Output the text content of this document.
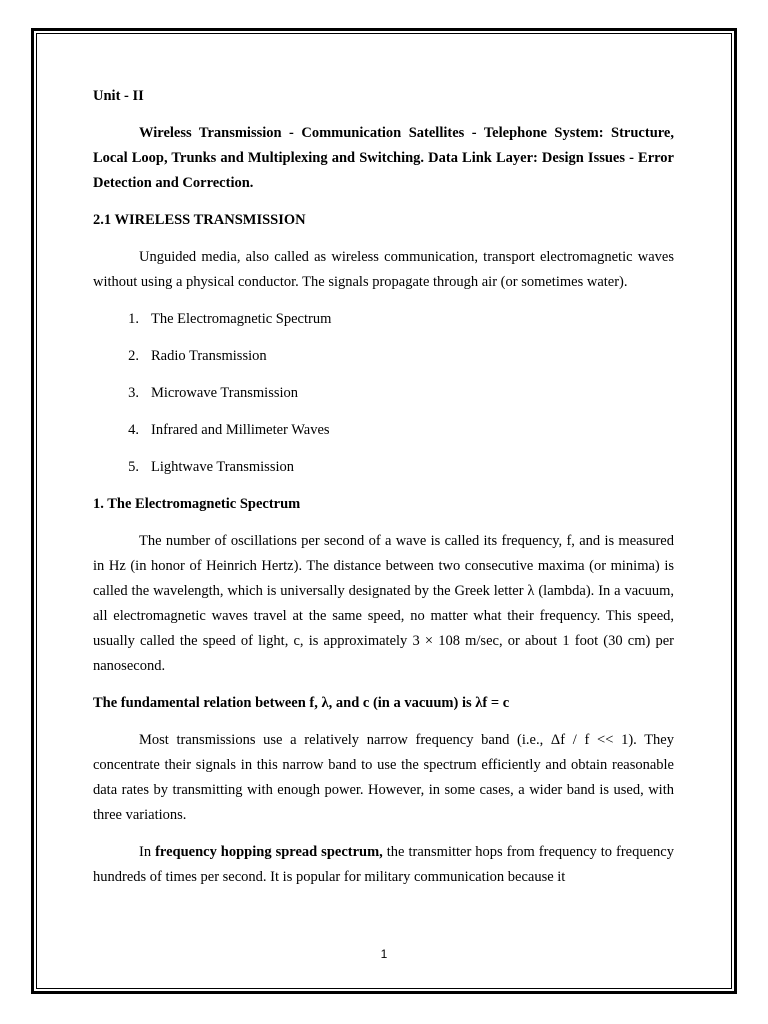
Unit - II

Wireless Transmission - Communication Satellites - Telephone System: Structure, Local Loop, Trunks and Multiplexing and Switching. Data Link Layer: Design Issues - Error Detection and Correction.

2.1 WIRELESS TRANSMISSION

Unguided media, also called as wireless communication, transport electromagnetic waves without using a physical conductor. The signals propagate through air (or sometimes water).

1. The Electromagnetic Spectrum
2. Radio Transmission
3. Microwave Transmission
4. Infrared and Millimeter Waves
5. Lightwave Transmission

1. The Electromagnetic Spectrum

The number of oscillations per second of a wave is called its frequency, f, and is measured in Hz (in honor of Heinrich Hertz). The distance between two consecutive maxima (or minima) is called the wavelength, which is universally designated by the Greek letter λ (lambda). In a vacuum, all electromagnetic waves travel at the same speed, no matter what their frequency. This speed, usually called the speed of light, c, is approximately 3 × 108 m/sec, or about 1 foot (30 cm) per nanosecond.

The fundamental relation between f, λ, and c (in a vacuum) is λf = c

Most transmissions use a relatively narrow frequency band (i.e., Δf / f << 1). They concentrate their signals in this narrow band to use the spectrum efficiently and obtain reasonable data rates by transmitting with enough power. However, in some cases, a wider band is used, with three variations.

In frequency hopping spread spectrum, the transmitter hops from frequency to frequency hundreds of times per second. It is popular for military communication because it

1
